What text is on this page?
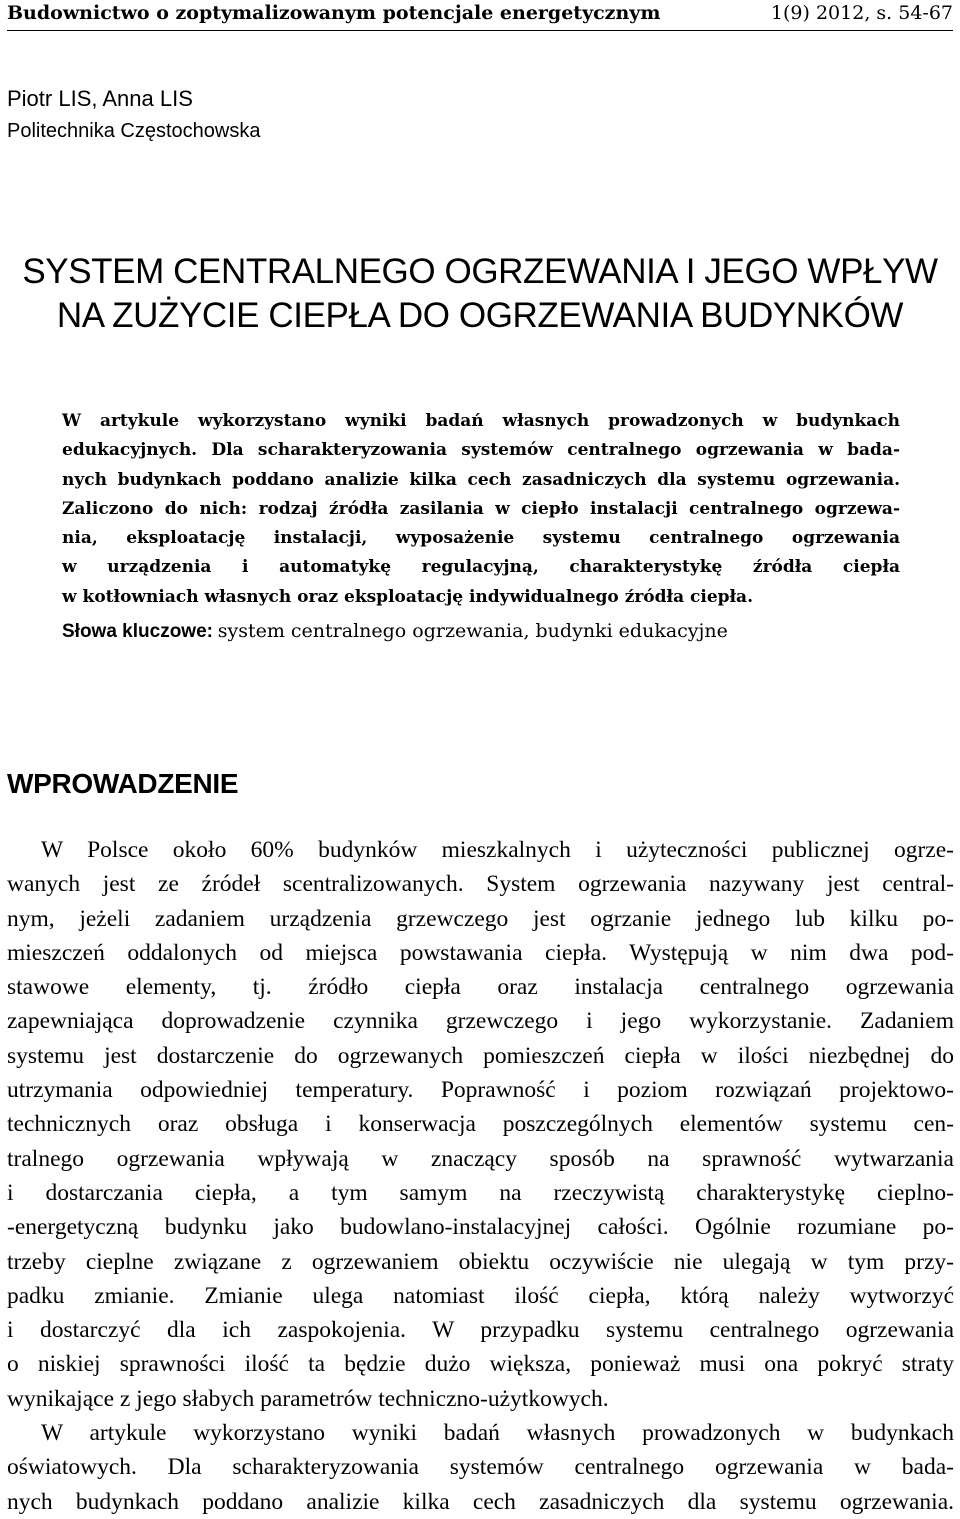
Budownictwo o zoptymalizowanym potencjale energetycznym	1(9) 2012, s. 54-67
Piotr LIS, Anna LIS
Politechnika Częstochowska
SYSTEM CENTRALNEGO OGRZEWANIA I JEGO WPŁYW
NA ZUŻYCIE CIEPŁA DO OGRZEWANIA BUDYNKÓW
W artykule wykorzystano wyniki badań własnych prowadzonych w budynkach
edukacyjnych. Dla scharakteryzowania systemów centralnego ogrzewania w bada-
nych budynkach poddano analizie kilka cech zasadniczych dla systemu ogrzewania.
Zaliczono do nich: rodzaj źródła zasilania w ciepło instalacji centralnego ogrzewa-
nia, eksploatację instalacji, wyposażenie systemu centralnego ogrzewania
w urządzenia i automatykę regulacyjną, charakterystykę źródła ciepła
w kotłowniach własnych oraz eksploatację indywidualnego źródła ciepła.
Słowa kluczowe: system centralnego ogrzewania, budynki edukacyjne
WPROWADZENIE
W Polsce około 60% budynków mieszkalnych i użyteczności publicznej ogrze-
wanych jest ze źródeł scentralizowanych. System ogrzewania nazywany jest central-
nym, jeżeli zadaniem urządzenia grzewczego jest ogrzanie jednego lub kilku po-
mieszczeń oddalonych od miejsca powstawania ciepła. Występują w nim dwa pod-
stawowe elementy, tj. źródło ciepła oraz instalacja centralnego ogrzewania
zapewniająca doprowadzenie czynnika grzewczego i jego wykorzystanie. Zadaniem
systemu jest dostarczenie do ogrzewanych pomieszczeń ciepła w ilości niezbędnej do
utrzymania odpowiedniej temperatury. Poprawność i poziom rozwiązań projektowo-
technicznych oraz obsługa i konserwacja poszczególnych elementów systemu cen-
tralnego ogrzewania wpływają w znaczący sposób na sprawność wytwarzania
i dostarczania ciepła, a tym samym na rzeczywistą charakterystykę cieplno-
-energetyczną budynku jako budowlano-instalacyjnej całości. Ogólnie rozumiane po-
trzeby cieplne związane z ogrzewaniem obiektu oczywiście nie ulegają w tym przy-
padku zmianie. Zmianie ulega natomiast ilość ciepła, którą należy wytworzyć
i dostarczyć dla ich zaspokojenia. W przypadku systemu centralnego ogrzewania
o niskiej sprawności ilość ta będzie dużo większa, ponieważ musi ona pokryć straty
wynikające z jego słabych parametrów techniczno-użytkowych.
W artykule wykorzystano wyniki badań własnych prowadzonych w budynkach
oświatowych. Dla scharakteryzowania systemów centralnego ogrzewania w bada-
nych budynkach poddano analizie kilka cech zasadniczych dla systemu ogrzewania.
